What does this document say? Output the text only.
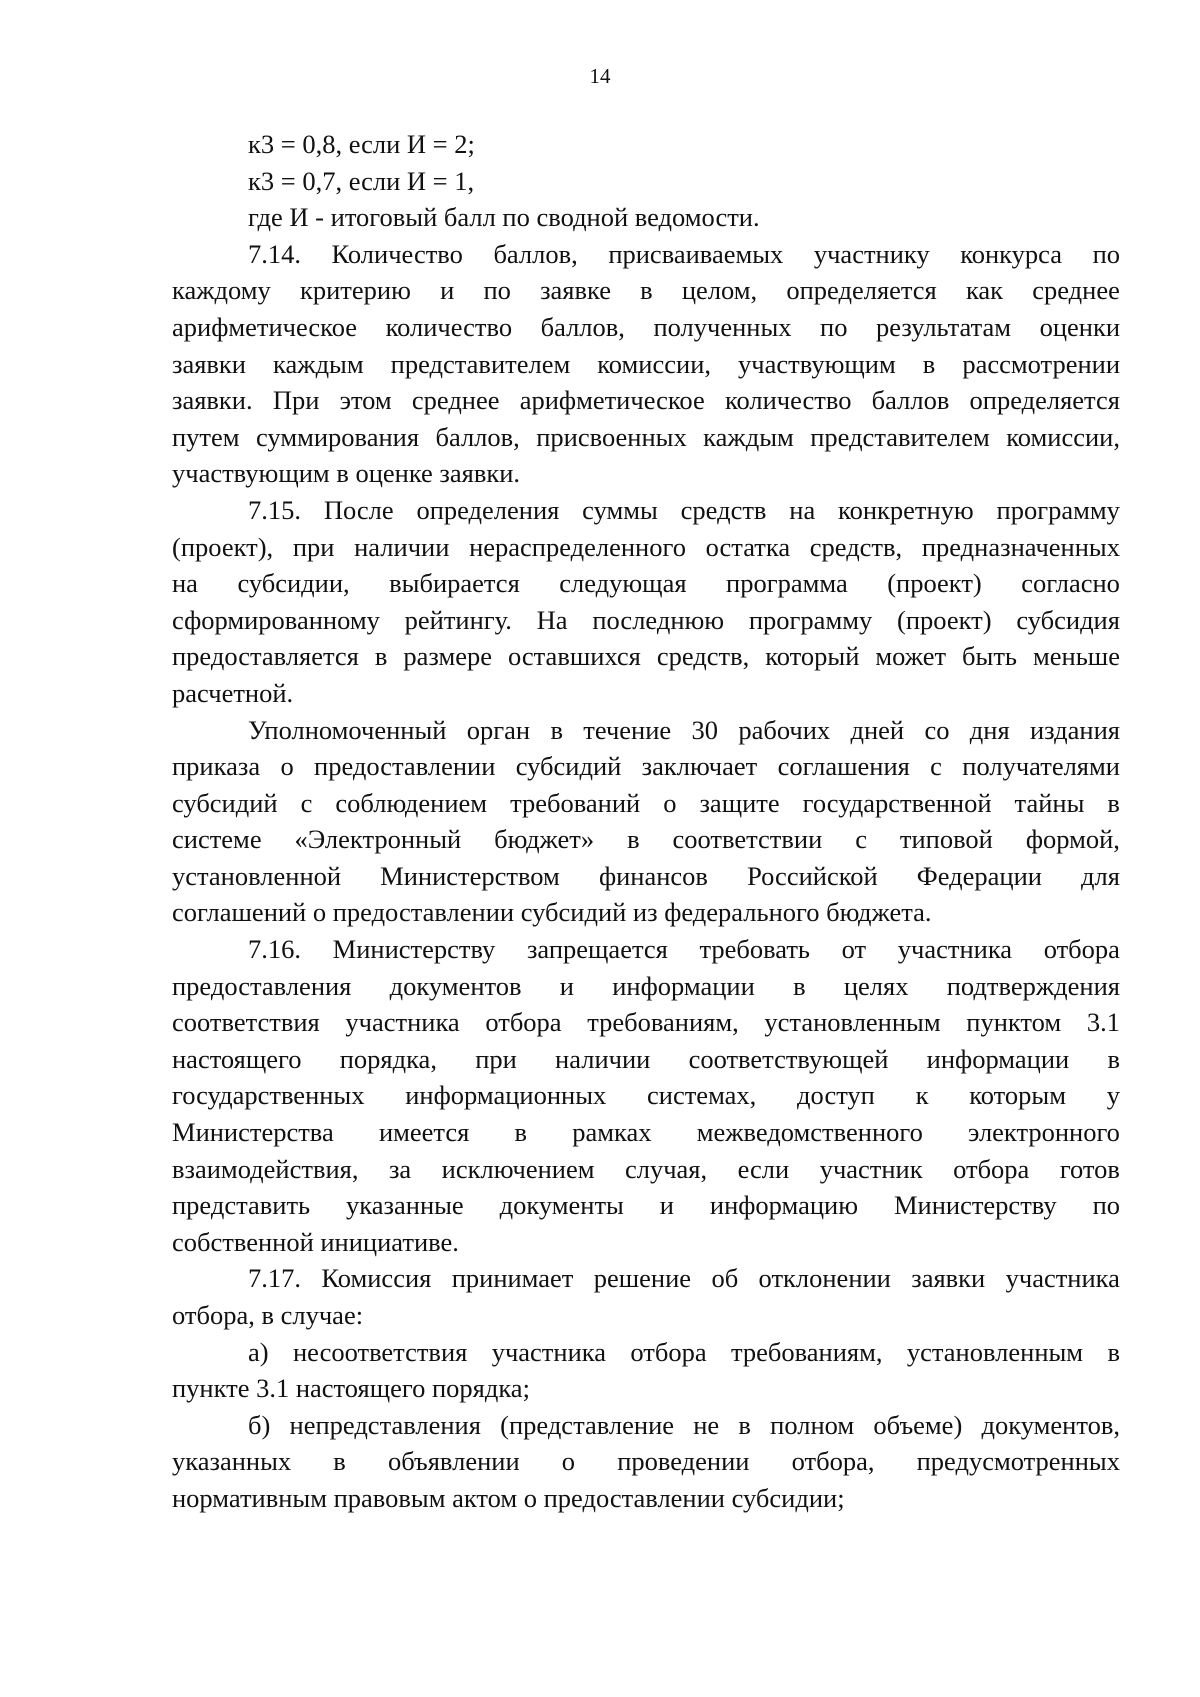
14
к3 = 0,8, если И = 2;
к3 = 0,7, если И = 1,
где И - итоговый балл по сводной ведомости.
7.14. Количество баллов, присваиваемых участнику конкурса по
каждому критерию и по заявке в целом, определяется как среднее
арифметическое количество баллов, полученных по результатам оценки
заявки каждым представителем комиссии, участвующим в рассмотрении
заявки. При этом среднее арифметическое количество баллов определяется
путем суммирования баллов, присвоенных каждым представителем комиссии,
участвующим в оценке заявки.
7.15. После определения суммы средств на конкретную программу
(проект), при наличии нераспределенного остатка средств, предназначенных
на субсидии, выбирается следующая программа (проект) согласно
сформированному рейтингу. На последнюю программу (проект) субсидия
предоставляется в размере оставшихся средств, который может быть меньше
расчетной.
Уполномоченный орган в течение 30 рабочих дней со дня издания
приказа о предоставлении субсидий заключает соглашения с получателями
субсидий с соблюдением требований о защите государственной тайны в
системе «Электронный бюджет» в соответствии с типовой формой,
установленной Министерством финансов Российской Федерации для
соглашений о предоставлении субсидий из федерального бюджета.
7.16. Министерству запрещается требовать от участника отбора
предоставления документов и информации в целях подтверждения
соответствия участника отбора требованиям, установленным пунктом 3.1
настоящего порядка, при наличии соответствующей информации в
государственных информационных системах, доступ к которым у
Министерства имеется в рамках межведомственного электронного
взаимодействия, за исключением случая, если участник отбора готов
представить указанные документы и информацию Министерству по
собственной инициативе.
7.17. Комиссия принимает решение об отклонении заявки участника
отбора, в случае:
а) несоответствия участника отбора требованиям, установленным в
пункте 3.1 настоящего порядка;
б) непредставления (представление не в полном объеме) документов,
указанных в объявлении о проведении отбора, предусмотренных
нормативным правовым актом о предоставлении субсидии;
